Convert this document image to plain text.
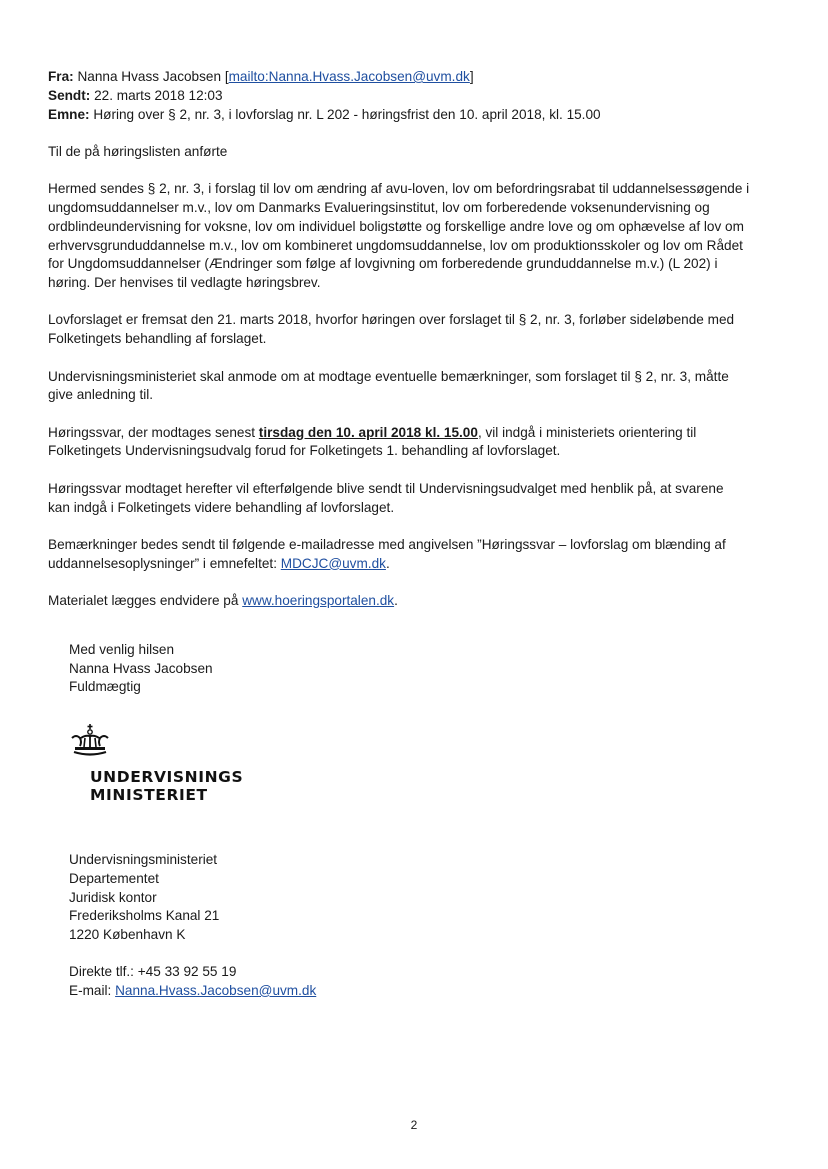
Fra: Nanna Hvass Jacobsen [mailto:Nanna.Hvass.Jacobsen@uvm.dk]
Sendt: 22. marts 2018 12:03
Emne: Høring over § 2, nr. 3, i lovforslag nr. L 202 - høringsfrist den 10. april 2018, kl. 15.00
Til de på høringslisten anførte
Hermed sendes § 2, nr. 3, i forslag til lov om ændring af avu-loven, lov om befordringsrabat til uddannelsessøgende i
ungdomsuddannelser m.v., lov om Danmarks Evalueringsinstitut, lov om forberedende voksenundervisning og
ordblindeundervisning for voksne, lov om individuel boligstøtte og forskellige andre love og om ophævelse af lov om
erhvervsgrunduddannelse m.v., lov om kombineret ungdomsuddannelse, lov om produktionsskoler og lov om Rådet
for Ungdomsuddannelser (Ændringer som følge af lovgivning om forberedende grunduddannelse m.v.) (L 202) i
høring. Der henvises til vedlagte høringsbrev.
Lovforslaget er fremsat den 21. marts 2018, hvorfor høringen over forslaget til § 2, nr. 3, forløber sideløbende med
Folketingets behandling af forslaget.
Undervisningsministeriet skal anmode om at modtage eventuelle bemærkninger, som forslaget til § 2, nr. 3, måtte
give anledning til.
Høringssvar, der modtages senest tirsdag den 10. april 2018 kl. 15.00, vil indgå i ministeriets orientering til
Folketingets Undervisningsudvalg forud for Folketingets 1. behandling af lovforslaget.
Høringssvar modtaget herefter vil efterfølgende blive sendt til Undervisningsudvalget med henblik på, at svarene
kan indgå i Folketingets videre behandling af lovforslaget.
Bemærkninger bedes sendt til følgende e-mailadresse med angivelsen ”Høringssvar – lovforslag om blænding af
uddannelsesoplysninger” i emnefeltet: MDCJC@uvm.dk.
Materialet lægges endvidere på www.hoeringsportalen.dk.
Med venlig hilsen
Nanna Hvass Jacobsen
Fuldmægtig
UNDERVISNINGS
MINISTERIET
Undervisningsministeriet
Departementet
Juridisk kontor
Frederiksholms Kanal 21
1220 København K
Direkte tlf.: +45 33 92 55 19
E-mail: Nanna.Hvass.Jacobsen@uvm.dk
2
